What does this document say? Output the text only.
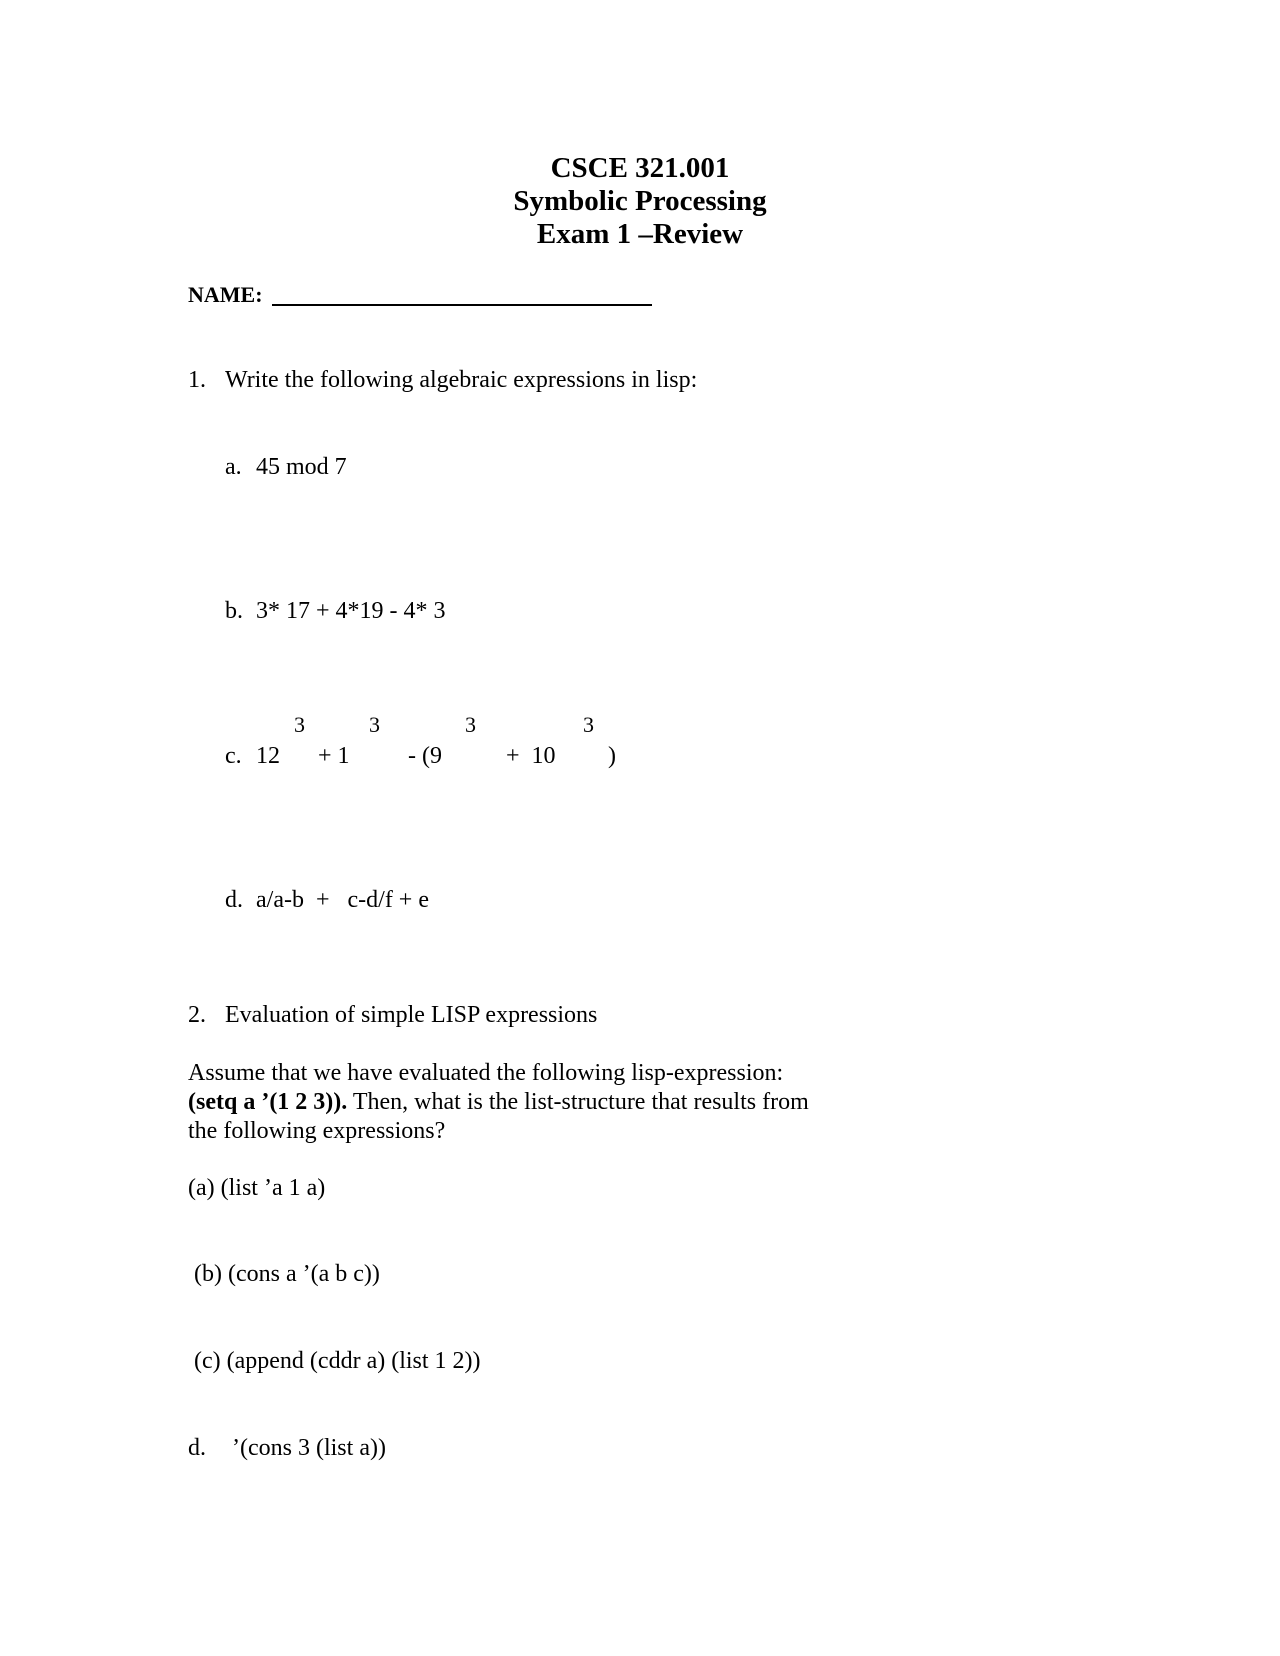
CSCE 321.001
Symbolic Processing
Exam 1 –Review
NAME:
1. Write the following algebraic expressions in lisp:
a. 45 mod 7
b. 3* 17 + 4*19 - 4* 3
3	3	3	3
c. 12 + 1 - (9	+  10 )
d. a/a-b  +   c-d/f + e
2. Evaluation of simple LISP expressions
Assume that we have evaluated the following lisp-expression:
(setq a ’(1 2 3)). Then, what is the list-structure that results from
the following expressions?
(a) (list ’a 1 a)
(b) (cons a ’(a b c))
(c) (append (cddr a) (list 1 2))
d. ’(cons 3 (list a))
